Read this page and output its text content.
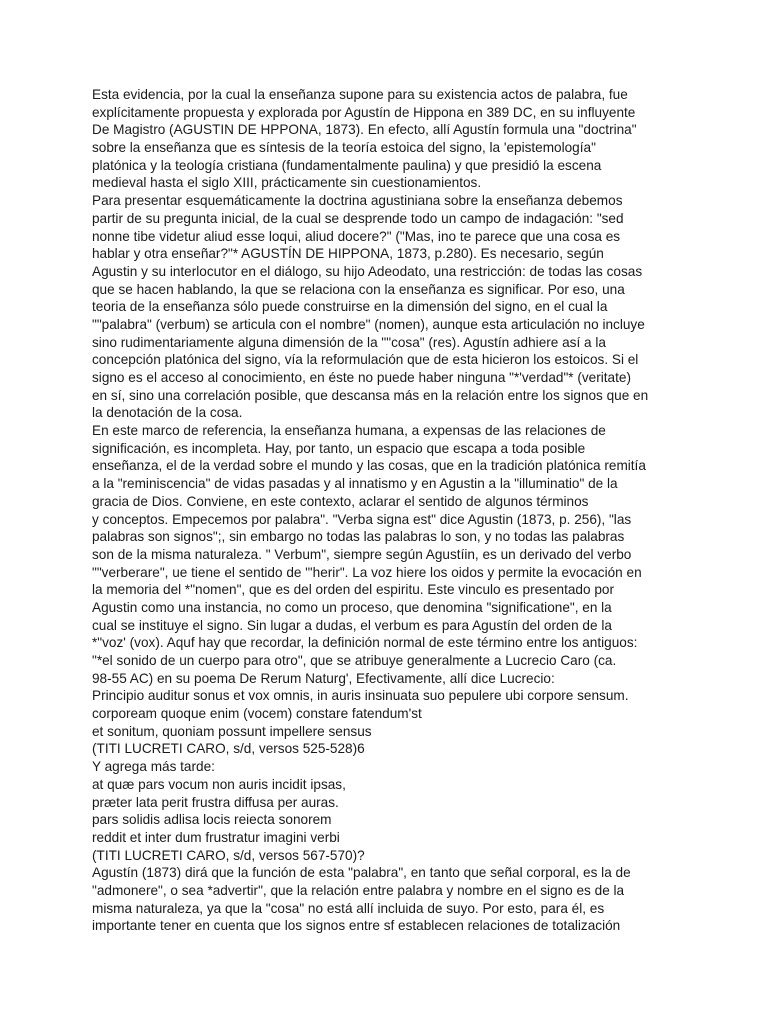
Esta evidencia, por la cual la enseñanza supone para su existencia actos de palabra, fue
explícitamente propuesta y explorada por Agustín de Hippona en 389 DC, en su influyente
De Magistro (AGUSTIN DE HPPONA, 1873). En efecto, allí Agustín formula una "doctrina"
sobre la enseñanza que es síntesis de la teoría estoica del signo, la 'epistemología"
platónica y la teología cristiana (fundamentalmente paulina) y que presidió la escena
medieval hasta el siglo XIII, prácticamente sin cuestionamientos.
Para presentar esquemáticamente la doctrina agustiniana sobre la enseñanza debemos
partir de su pregunta inicial, de la cual se desprende todo un campo de indagación: "sed
nonne tibe videtur aliud esse loqui, aliud docere?" ("Mas, ino te parece que una cosa es
hablar y otra enseñar?"* AGUSTÍN DE HIPPONA, 1873, p.280). Es necesario, según
Agustin y su interlocutor en el diálogo, su hijo Adeodato, una restricción: de todas las cosas
que se hacen hablando, la que se relaciona con la enseñanza es significar. Por eso, una
teoria de la enseñanza sólo puede construirse en la dimensión del signo, en el cual la
""palabra" (verbum) se articula con el nombre" (nomen), aunque esta articulación no incluye
sino rudimentariamente alguna dimensión de la ""cosa" (res). Agustín adhiere así a la
concepción platónica del signo, vía la reformulación que de esta hicieron los estoicos. Si el
signo es el acceso al conocimiento, en éste no puede haber ninguna "*'verdad"* (veritate)
en sí, sino una correlación posible, que descansa más en la relación entre los signos que en
la denotación de la cosa.
En este marco de referencia, la enseñanza humana, a expensas de las relaciones de
significación, es incompleta. Hay, por tanto, un espacio que escapa a toda posible
enseñanza, el de la verdad sobre el mundo y las cosas, que en la tradición platónica remitía
a la "reminiscencia" de vidas pasadas y al innatismo y en Agustin a la "illuminatio" de la
gracia de Dios. Conviene, en este contexto, aclarar el sentido de algunos términos
y conceptos. Empecemos por palabra". "Verba signa est" dice Agustin (1873, p. 256), "las
palabras son signos";, sin embargo no todas las palabras lo son, y no todas las palabras
son de la misma naturaleza. " Verbum", siempre según Agustíin, es un derivado del verbo
""verberare", ue tiene el sentido de "'herir". La voz hiere los oidos y permite la evocación en
la memoria del *"nomen", que es del orden del espiritu. Este vinculo es presentado por
Agustin como una instancia, no como un proceso, que denomina "significatione", en la
cual se instituye el signo. Sin lugar a dudas, el verbum es para Agustín del orden de la
*"voz' (vox). Aquf hay que recordar, la definición normal de este término entre los antiguos:
"*el sonido de un cuerpo para otro", que se atribuye generalmente a Lucrecio Caro (ca.
98-55 AC) en su poema De Rerum Naturg', Efectivamente, allí dice Lucrecio:
Principio auditur sonus et vox omnis, in auris insinuata suo pepulere ubi corpore sensum.
corpoream quoque enim (vocem) constare fatendum'st
et sonitum, quoniam possunt impellere sensus
(TITI LUCRETI CARO, s/d, versos 525-528)6
Y agrega más tarde:
at quæ pars vocum non auris incidit ipsas,
præter lata perit frustra diffusa per auras.
pars solidis adlisa locis reiecta sonorem
reddit et inter dum frustratur imagini verbi
(TITI LUCRETI CARO, s/d, versos 567-570)?
Agustín (1873) dirá que la función de esta "palabra", en tanto que señal corporal, es la de
"admonere", o sea *advertir", que la relación entre palabra y nombre en el signo es de la
misma naturaleza, ya que la "cosa" no está allí incluida de suyo. Por esto, para él, es
importante tener en cuenta que los signos entre sf establecen relaciones de totalización
